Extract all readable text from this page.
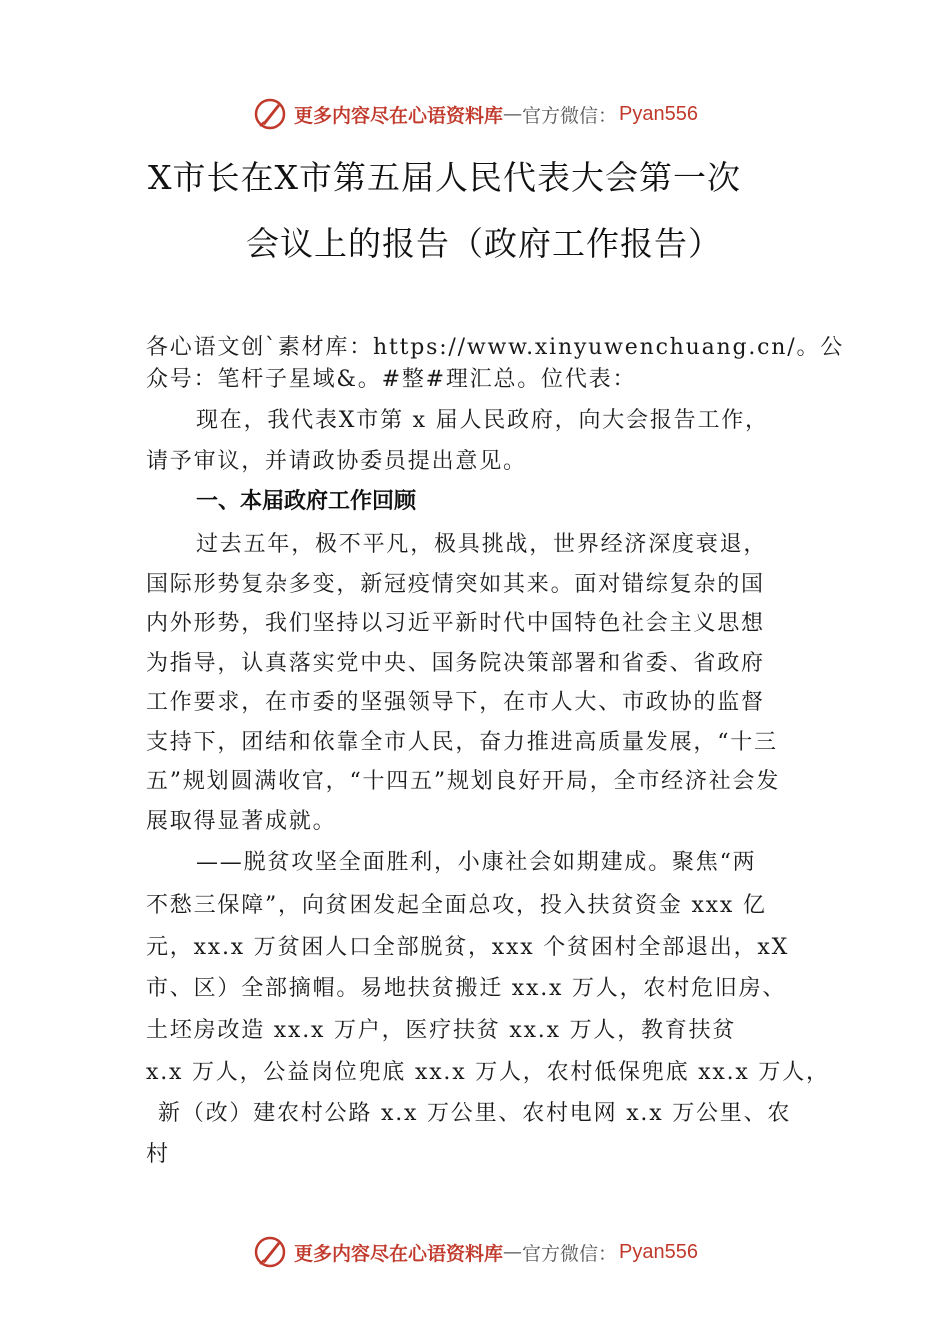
更多内容尽在心语资料库 — 官方微信： Pyan556
X市长在X市第五届人民代表大会第一次
会议上的报告（政府工作报告）
各心语文创`素材库：https://www.xinyuwenchuang.cn/。公
众号：笔杆子星域&。#整#理汇总。位代表：
现在，我代表X市第 x 届人民政府，向大会报告工作，
请予审议，并请政协委员提出意见。
一、本届政府工作回顾
过去五年，极不平凡，极具挑战，世界经济深度衰退，
国际形势复杂多变，新冠疫情突如其来。面对错综复杂的国
内外形势，我们坚持以习近平新时代中国特色社会主义思想
为指导，认真落实党中央、国务院决策部署和省委、省政府
工作要求，在市委的坚强领导下，在市人大、市政协的监督
支持下，团结和依靠全市人民，奋力推进高质量发展，“十三
五”规划圆满收官，“十四五”规划良好开局，全市经济社会发
展取得显著成就。
——脱贫攻坚全面胜利，小康社会如期建成。聚焦“两
不愁三保障”，向贫困发起全面总攻，投入扶贫资金 xxx 亿
元，xx.x 万贫困人口全部脱贫，xxx 个贫困村全部退出，xX
市、区）全部摘帽。易地扶贫搬迁 xx.x 万人，农村危旧房、
土坯房改造 xx.x 万户，医疗扶贫 xx.x 万人，教育扶贫
x.x 万人，公益岗位兜底 xx.x 万人，农村低保兜底 xx.x 万人，
新（改）建农村公路 x.x 万公里、农村电网 x.x 万公里、农
村
更多内容尽在心语资料库 — 官方微信： Pyan556
